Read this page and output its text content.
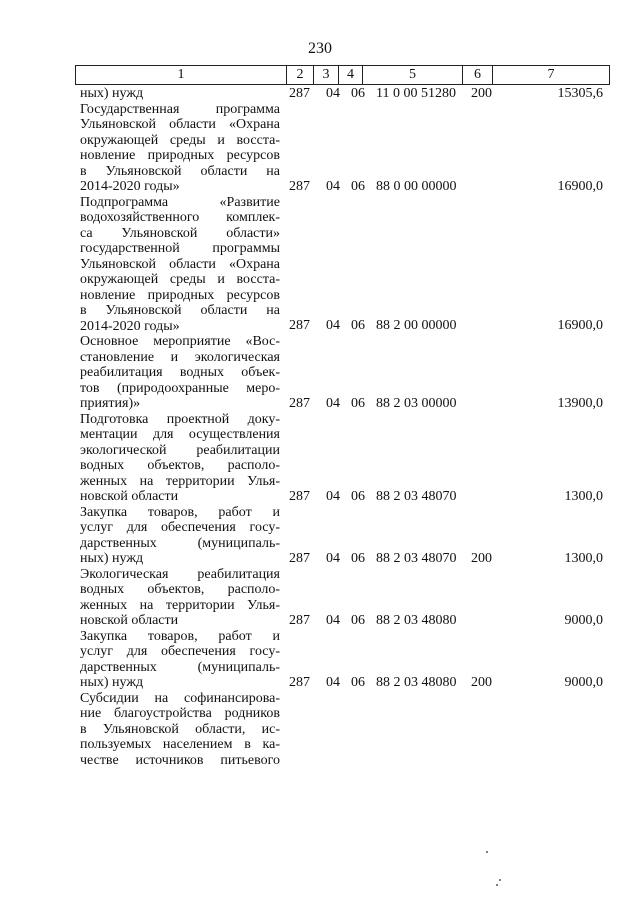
230
1	2	3	4	5	6	7
ных) нужд	287 04 06 11 0 00 51280 200	15305,6
Государственная программа
Ульяновской области «Охрана
окружающей среды и восста-
новление природных ресурсов
в Ульяновской области на
2014-2020 годы»	287 04 06 88 0 00 00000	16900,0
Подпрограмма «Развитие
водохозяйственного комплек-
са Ульяновской области»
государственной программы
Ульяновской области «Охрана
окружающей среды и восста-
новление природных ресурсов
в Ульяновской области на
2014-2020 годы»	287 04 06 88 2 00 00000	16900,0
Основное мероприятие «Вос-
становление и экологическая
реабилитация водных объек-
тов (природоохранные меро-
приятия)»	287 04 06 88 2 03 00000	13900,0
Подготовка проектной доку-
ментации для осуществления
экологической реабилитации
водных объектов, располо-
женных на территории Улья-
новской области	287 04 06 88 2 03 48070	1300,0
Закупка товаров, работ и
услуг для обеспечения госу-
дарственных (муниципаль-
ных) нужд	287 04 06 88 2 03 48070 200	1300,0
Экологическая реабилитация
водных объектов, располо-
женных на территории Улья-
новской области	287 04 06 88 2 03 48080	9000,0
Закупка товаров, работ и
услуг для обеспечения госу-
дарственных (муниципаль-
ных) нужд	287 04 06 88 2 03 48080 200	9000,0
Субсидии на софинансирова-
ние благоустройства родников
в Ульяновской области, ис-
пользуемых населением в ка-
честве источников питьевого
